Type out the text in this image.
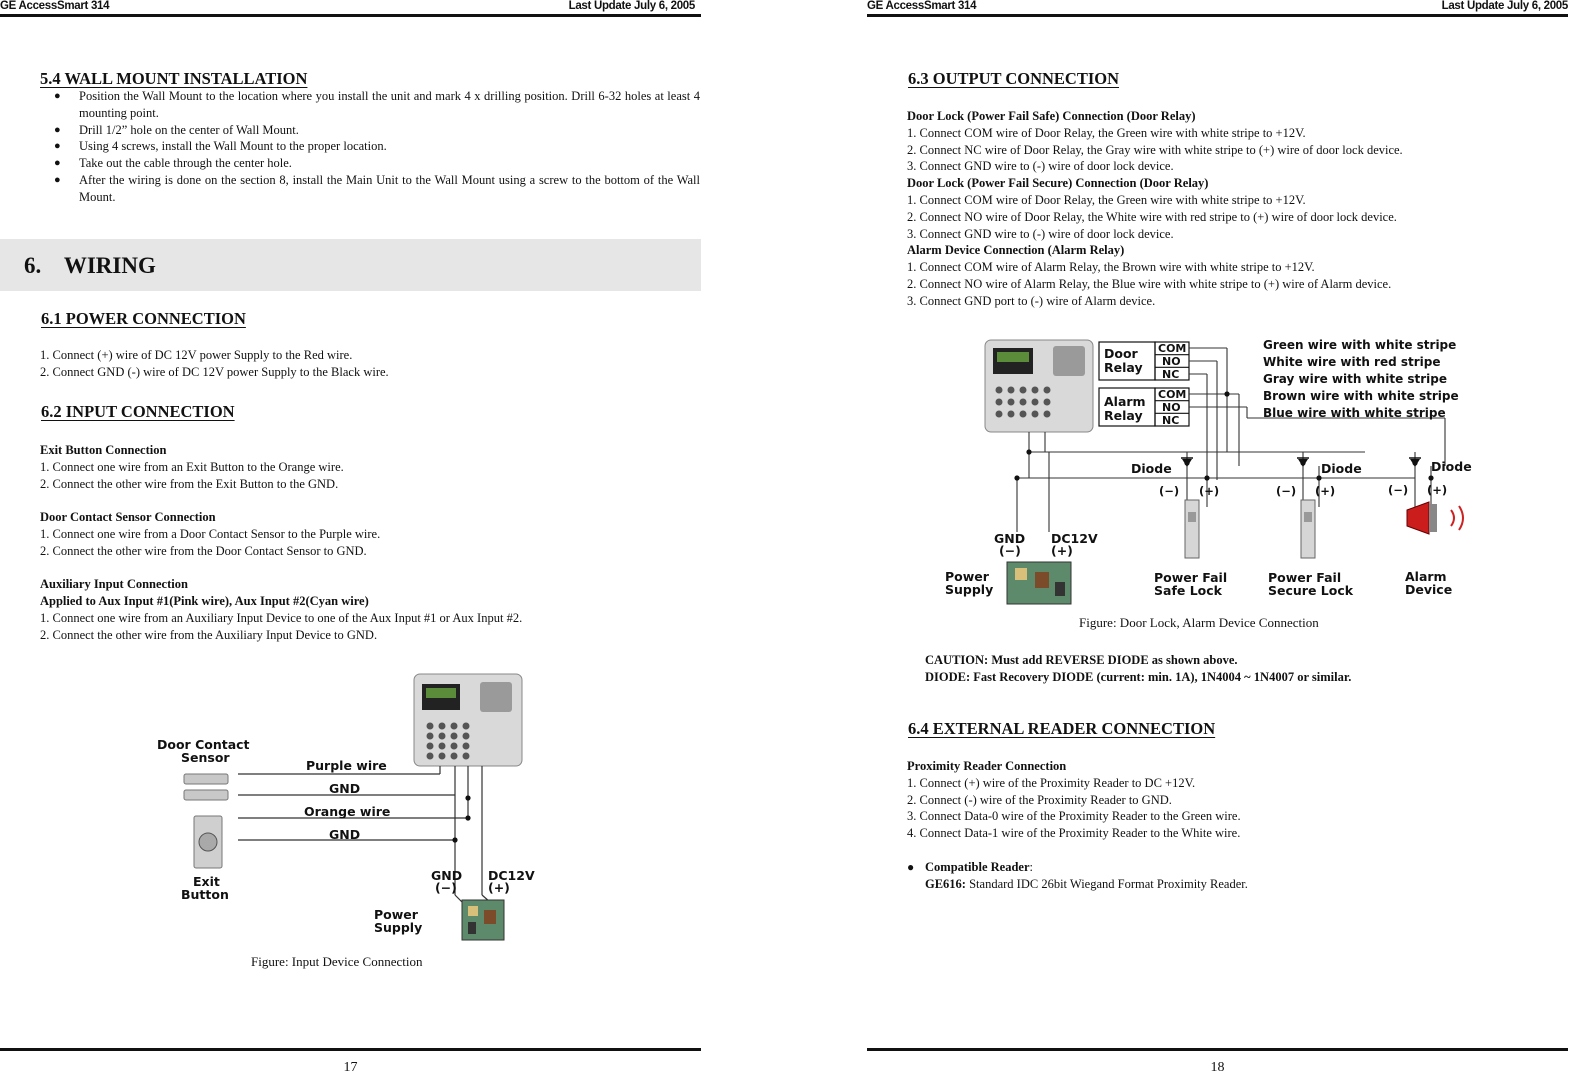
GE AccessSmart 314	Last Update July 6, 2005
5.4 WALL MOUNT INSTALLATION
● Position the Wall Mount to the location where you install the unit and mark 4 x drilling position. Drill 6-32 holes at least 4 mounting point.
● Drill 1/2” hole on the center of Wall Mount.
● Using 4 screws, install the Wall Mount to the proper location.
● Take out the cable through the center hole.
● After the wiring is done on the section 8, install the Main Unit to the Wall Mount using a screw to the bottom of the Wall Mount.
6.    WIRING
6.1 POWER CONNECTION
1. Connect (+) wire of DC 12V power Supply to the Red wire.
2. Connect GND (-) wire of DC 12V power Supply to the Black wire.
6.2 INPUT CONNECTION
Exit Button Connection
1. Connect one wire from an Exit Button to the Orange wire.
2. Connect the other wire from the Exit Button to the GND.
Door Contact Sensor Connection
1. Connect one wire from a Door Contact Sensor to the Purple wire.
2. Connect the other wire from the Door Contact Sensor to GND.
Auxiliary Input Connection
Applied to Aux Input #1(Pink wire), Aux Input #2(Cyan wire)
1. Connect one wire from an Auxiliary Input Device to one of the Aux Input #1 or Aux Input #2.
2. Connect the other wire from the Auxiliary Input Device to GND.
Purple wire
GND
Orange wire
GND
Door Contact
Sensor
Exit
Button
GND
(−)
DC12V
(+)
Power
Supply
Figure: Input Device Connection
17
GE AccessSmart 314	Last Update July 6, 2005
6.3 OUTPUT CONNECTION
Door Lock (Power Fail Safe) Connection (Door Relay)
1. Connect COM wire of Door Relay, the Green wire with white stripe to +12V.
2. Connect NC wire of Door Relay, the Gray wire with white stripe to (+) wire of door lock device.
3. Connect GND wire to (-) wire of door lock device.
Door Lock (Power Fail Secure) Connection (Door Relay)
1. Connect COM wire of Door Relay, the Green wire with white stripe to +12V.
2. Connect NO wire of Door Relay, the White wire with red stripe to (+) wire of door lock device.
3. Connect GND wire to (-) wire of door lock device.
Alarm Device Connection (Alarm Relay)
1. Connect COM wire of Alarm Relay, the Brown wire with white stripe to +12V.
2. Connect NO wire of Alarm Relay, the Blue wire with white stripe to (+) wire of Alarm device.
3. Connect GND port to (-) wire of Alarm device.
Door
Relay
Alarm
Relay
COM
NO
NC
COM
NO
NC
Green wire with white stripe
White wire with red stripe
Gray wire with white stripe
Brown wire with white stripe
Blue wire with white stripe
Diode	Diode	Diode
(−) (+)	(−) (+)	(−) (+)
GND
(−)
DC12V
(+)
Power
Supply
Power Fail
Safe Lock
Power Fail
Secure Lock
Alarm
Device
Figure: Door Lock, Alarm Device Connection
CAUTION: Must add REVERSE DIODE as shown above.
DIODE: Fast Recovery DIODE (current: min. 1A), 1N4004 ~ 1N4007 or similar.
6.4 EXTERNAL READER CONNECTION
Proximity Reader Connection
1. Connect (+) wire of the Proximity Reader to DC +12V.
2. Connect (-) wire of the Proximity Reader to GND.
3. Connect Data-0 wire of the Proximity Reader to the Green wire.
4. Connect Data-1 wire of the Proximity Reader to the White wire.
● Compatible Reader:
GE616: Standard IDC 26bit Wiegand Format Proximity Reader.
18
